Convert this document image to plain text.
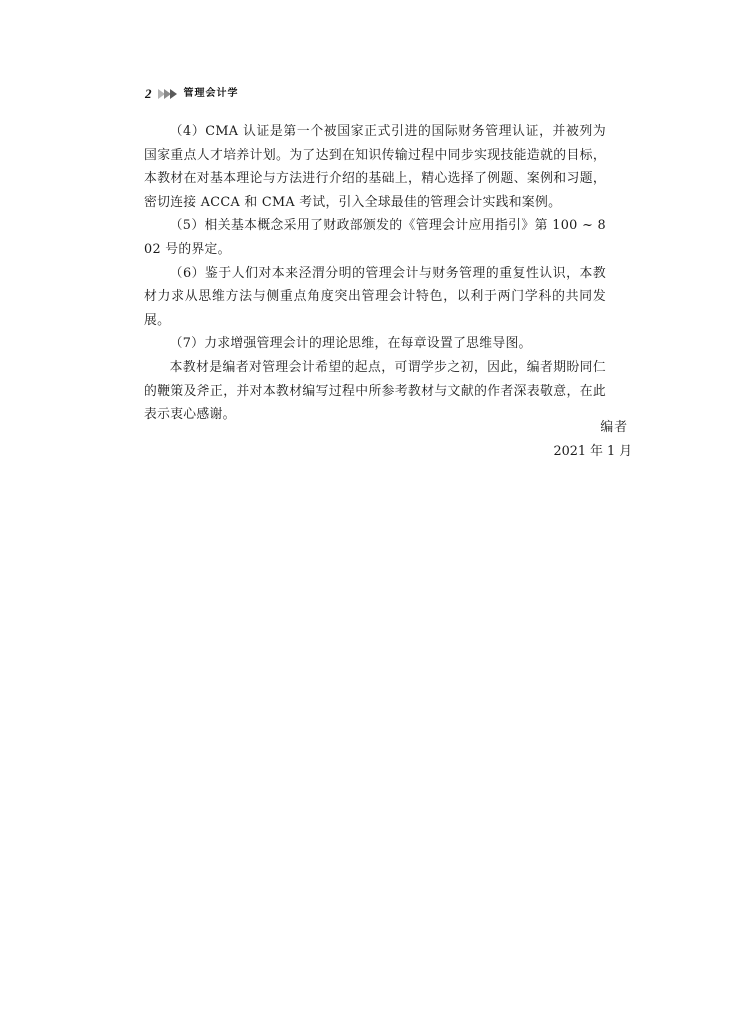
2	管理会计学

（4）CMA 认证是第一个被国家正式引进的国际财务管理认证，并被列为国家重点人才培养计划。为了达到在知识传输过程中同步实现技能造就的目标，本教材在对基本理论与方法进行介绍的基础上，精心选择了例题、案例和习题，密切连接 ACCA 和 CMA 考试，引入全球最佳的管理会计实践和案例。

（5）相关基本概念采用了财政部颁发的《管理会计应用指引》第 100 ~ 802 号的界定。

（6）鉴于人们对本来泾渭分明的管理会计与财务管理的重复性认识，本教材力求从思维方法与侧重点角度突出管理会计特色，以利于两门学科的共同发展。

（7）力求增强管理会计的理论思维，在每章设置了思维导图。

本教材是编者对管理会计希望的起点，可谓学步之初，因此，编者期盼同仁的鞭策及斧正，并对本教材编写过程中所参考教材与文献的作者深表敬意，在此表示衷心感谢。

编者
2021 年 1 月
